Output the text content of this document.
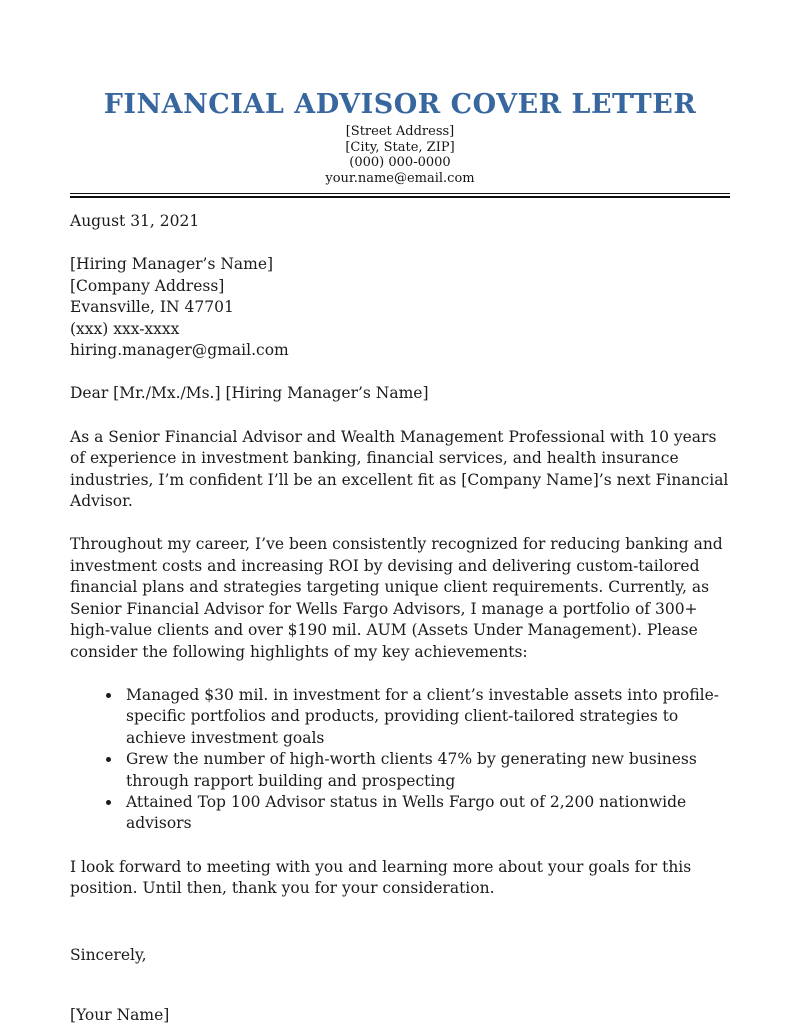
FINANCIAL ADVISOR COVER LETTER
[Street Address]
[City, State, ZIP]
(000) 000-0000
your.name@email.com
August 31, 2021
[Hiring Manager’s Name]
[Company Address]
Evansville, IN 47701
(xxx) xxx-xxxx
hiring.manager@gmail.com
Dear [Mr./Mx./Ms.] [Hiring Manager’s Name]
As a Senior Financial Advisor and Wealth Management Professional with 10 years of experience in investment banking, financial services, and health insurance industries, I’m confident I’ll be an excellent fit as [Company Name]’s next Financial Advisor.
Throughout my career, I’ve been consistently recognized for reducing banking and investment costs and increasing ROI by devising and delivering custom-tailored financial plans and strategies targeting unique client requirements. Currently, as Senior Financial Advisor for Wells Fargo Advisors, I manage a portfolio of 300+ high-value clients and over $190 mil. AUM (Assets Under Management). Please consider the following highlights of my key achievements:
• Managed $30 mil. in investment for a client’s investable assets into profile-specific portfolios and products, providing client-tailored strategies to achieve investment goals
• Grew the number of high-worth clients 47% by generating new business through rapport building and prospecting
• Attained Top 100 Advisor status in Wells Fargo out of 2,200 nationwide advisors
I look forward to meeting with you and learning more about your goals for this position. Until then, thank you for your consideration.
Sincerely,
[Your Name]
